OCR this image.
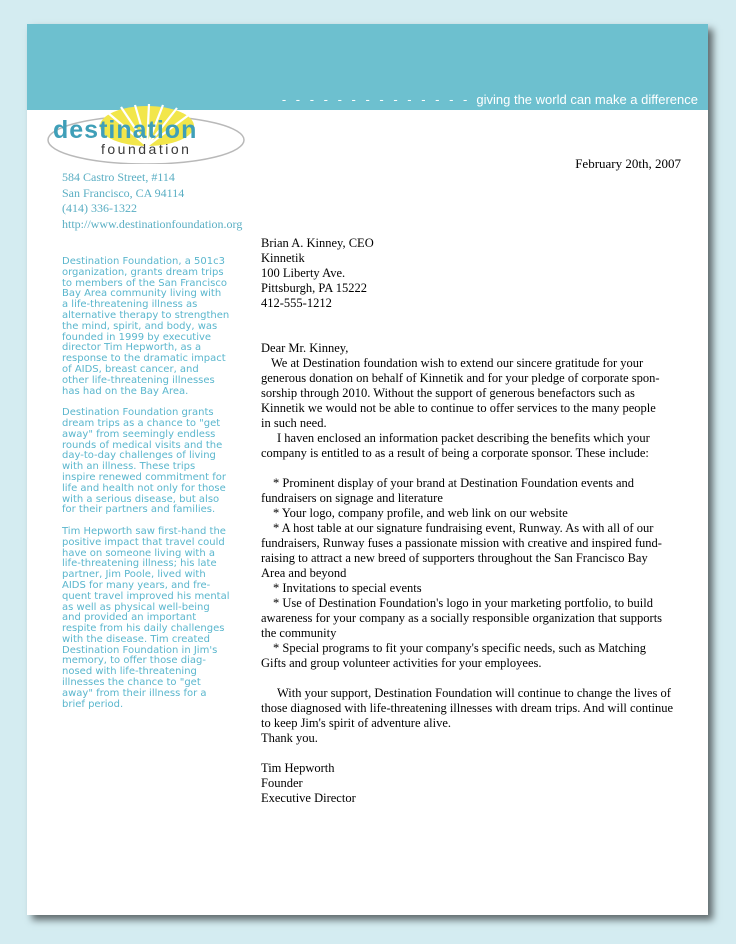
- - - - - - - - - - - - - - giving the world can make a difference
destination
foundation
584 Castro Street, #114
San Francisco, CA 94114
(414) 336-1322
http://www.destinationfoundation.org

Destination Foundation, a 501c3
organization, grants dream trips
to members of the San Francisco
Bay Area community living with
a life-threatening illness as
alternative therapy to strengthen
the mind, spirit, and body, was
founded in 1999 by executive
director Tim Hepworth, as a
response to the dramatic impact
of AIDS, breast cancer, and
other life-threatening illnesses
has had on the Bay Area.

Destination Foundation grants
dream trips as a chance to "get
away" from seemingly endless
rounds of medical visits and the
day-to-day challenges of living
with an illness. These trips
inspire renewed commitment for
life and health not only for those
with a serious disease, but also
for their partners and families.

Tim Hepworth saw first-hand the
positive impact that travel could
have on someone living with a
life-threatening illness; his late
partner, Jim Poole, lived with
AIDS for many years, and fre-
quent travel improved his mental
as well as physical well-being
and provided an important
respite from his daily challenges
with the disease. Tim created
Destination Foundation in Jim's
memory, to offer those diag-
nosed with life-threatening
illnesses the chance to "get
away" from their illness for a
brief period.

February 20th, 2007
Brian A. Kinney, CEO
Kinnetik
100 Liberty Ave.
Pittsburgh, PA 15222
412-555-1212
Dear Mr. Kinney,
We at Destination foundation wish to extend our sincere gratitude for your
generous donation on behalf of Kinnetik and for your pledge of corporate spon-
sorship through 2010. Without the support of generous benefactors such as
Kinnetik we would not be able to continue to offer services to the many people
in such need.
I haven enclosed an information packet describing the benefits which your
company is entitled to as a result of being a corporate sponsor. These include:
* Prominent display of your brand at Destination Foundation events and
fundraisers on signage and literature
* Your logo, company profile, and web link on our website
* A host table at our signature fundraising event, Runway. As with all of our
fundraisers, Runway fuses a passionate mission with creative and inspired fund-
raising to attract a new breed of supporters throughout the San Francisco Bay
Area and beyond
* Invitations to special events
* Use of Destination Foundation's logo in your marketing portfolio, to build
awareness for your company as a socially responsible organization that supports
the community
* Special programs to fit your company's specific needs, such as Matching
Gifts and group volunteer activities for your employees.
With your support, Destination Foundation will continue to change the lives of
those diagnosed with life-threatening illnesses with dream trips. And will continue
to keep Jim's spirit of adventure alive.
Thank you.
Tim Hepworth
Founder
Executive Director
